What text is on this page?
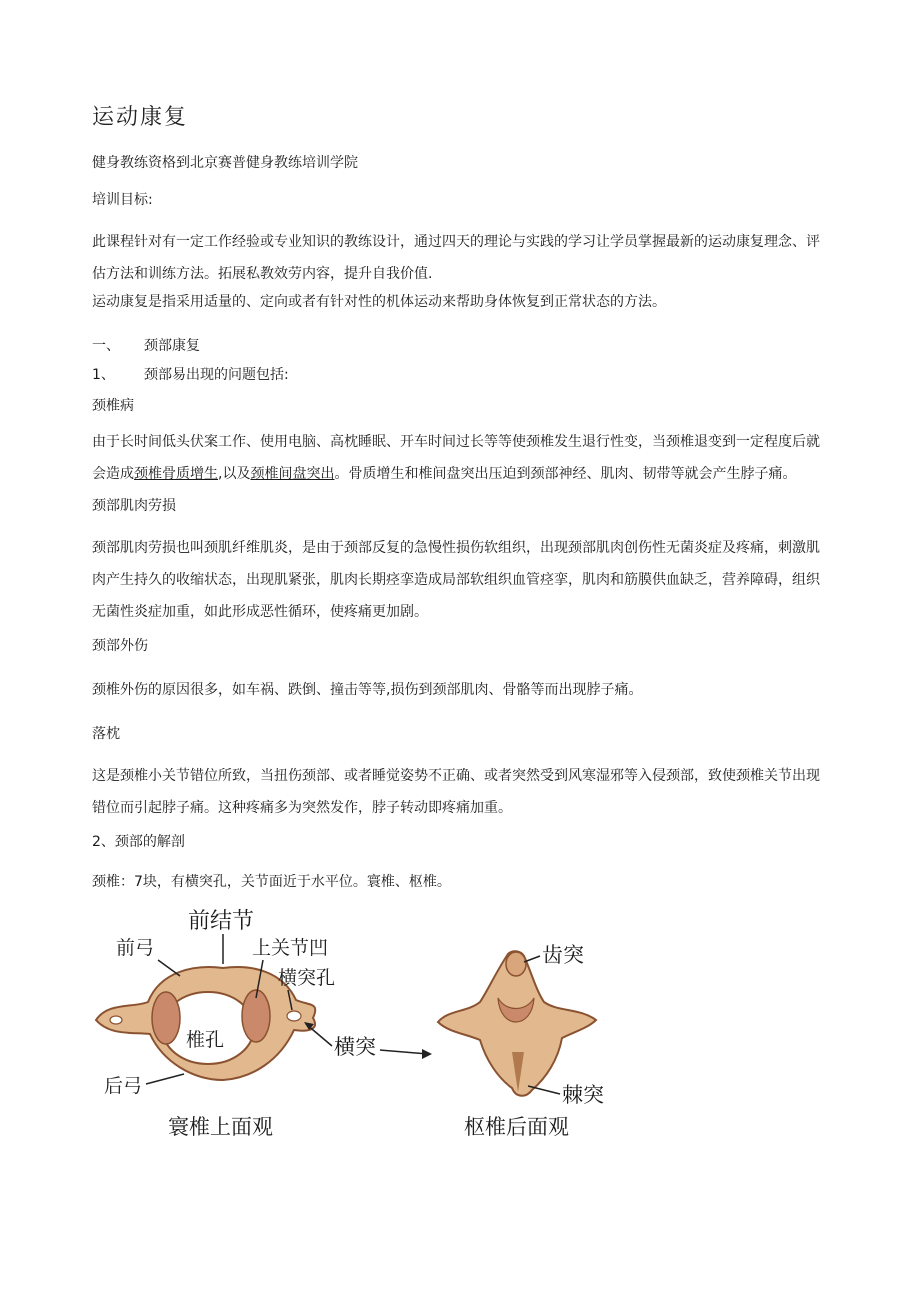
运动康复
健身教练资格到北京赛普健身教练培训学院
培训目标:
此课程针对有一定工作经验或专业知识的教练设计，通过四天的理论与实践的学习让学员掌握最新的运动康复理念、评估方法和训练方法。拓展私教效劳内容，提升自我价值.
运动康复是指采用适量的、定向或者有针对性的机体运动来帮助身体恢复到正常状态的方法。
一、 颈部康复
1、 颈部易出现的问题包括:
颈椎病
由于长时间低头伏案工作、使用电脑、高枕睡眠、开车时间过长等等使颈椎发生退行性变，当颈椎退变到一定程度后就会造成颈椎骨质增生,以及颈椎间盘突出。骨质增生和椎间盘突出压迫到颈部神经、肌肉、韧带等就会产生脖子痛。
颈部肌肉劳损
颈部肌肉劳损也叫颈肌纤维肌炎，是由于颈部反复的急慢性损伤软组织，出现颈部肌肉创伤性无菌炎症及疼痛，刺激肌肉产生持久的收缩状态，出现肌紧张，肌肉长期痉挛造成局部软组织血管痉挛，肌肉和筋膜供血缺乏，营养障碍，组织无菌性炎症加重，如此形成恶性循环，使疼痛更加剧。
颈部外伤
颈椎外伤的原因很多，如车祸、跌倒、撞击等等,损伤到颈部肌肉、骨骼等而出现脖子痛。
落枕
这是颈椎小关节错位所致，当扭伤颈部、或者睡觉姿势不正确、或者突然受到风寒湿邪等入侵颈部，致使颈椎关节出现错位而引起脖子痛。这种疼痛多为突然发作，脖子转动即疼痛加重。
2、颈部的解剖
颈椎：7块，有横突孔，关节面近于水平位。寰椎、枢椎。
前结节
前弓	上关节凹
横突孔
椎孔
后弓
寰椎上面观
横突
齿突
棘突
枢椎后面观
